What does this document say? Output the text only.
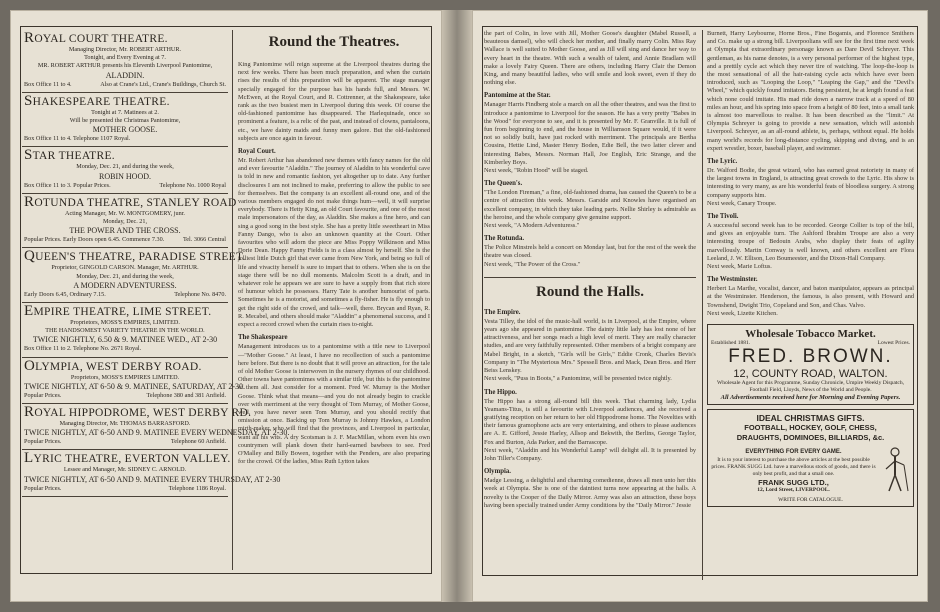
ROYAL COURT THEATRE.
Managing Director, Mr. ROBERT ARTHUR.
Tonight, and Every Evening at 7.
MR. ROBERT ARTHUR presents his Eleventh Liverpool Pantomime,
ALADDIN.
Box Office 11 to 4.	Also at Crane's Ltd., Crane's Buildings, Church St.
SHAKESPEARE THEATRE.
Tonight at 7. Matinees at 2.
Will be presented the Christmas Pantomime,
MOTHER GOOSE.
Box Office 11 to 4. Telephone 1107 Royal.
STAR THEATRE.
Monday, Dec. 21, and during the week,
ROBIN HOOD.
Box Office 11 to 3. Popular Prices.	Telephone No. 1000 Royal
ROTUNDA THEATRE, STANLEY ROAD
Acting Manager, Mr. W. MONTGOMERY, junr.
Monday, Dec. 21,
THE POWER AND THE CROSS.
Popular Prices. Early Doors open 6.45. Commence 7.30.	Tel. 3066 Central
QUEEN'S THEATRE, PARADISE STREET.
Proprietor, GINGOLD CARSON. Manager, Mr. ARTHUR.
Monday, Dec. 21, and during the week,
A MODERN ADVENTURESS.
Early Doors 6.45, Ordinary 7.15.	Telephone No. 8470.
EMPIRE THEATRE, LIME STREET.
Proprietors, MOSS'S EMPIRES, LIMITED.
THE HANDSOMEST VARIETY THEATRE IN THE WORLD.
TWICE NIGHTLY, 6.50 & 9. MATINEE WED., AT 2-30
Box Office 11 to 2. Telephone No. 2671 Royal.
OLYMPIA, WEST DERBY ROAD.
Proprietors, MOSS'S EMPIRES LIMITED.
TWICE NIGHTLY, AT 6-50 & 9. MATINEE, SATURDAY, AT 2-30.
Popular Prices.	Telephone 380 and 381 Anfield.
ROYAL HIPPODROME, WEST DERBY RD.
Managing Director, Mr. THOMAS BARRASFORD.
TWICE NIGHTLY, AT 6-50 AND 9. MATINEE EVERY WEDNESDAY, AT 2-30.
Popular Prices.	Telephone 60 Anfield.
LYRIC THEATRE, EVERTON VALLEY.
Lessee and Manager, Mr. SIDNEY C. ARNOLD.
TWICE NIGHTLY, AT 6-50 AND 9. MATINEE EVERY THURSDAY, AT 2-30
Popular Prices.	Telephone 1186 Royal.
Round the Theatres.

King Pantomime will reign supreme at the Liverpool theatres during the next few weeks. There has been much preparation, and when the curtain rises the results of this preparation will be apparent. The stage manager specially engaged for the purpose has his hands full, and Messrs. W. McEwen, at the Royal Court, and R. Cottrenner, at the Shakespeare, take rank as the two busiest men in Liverpool during this week. Of course the old-fashioned pantomime has disappeared. The Harlequinade, once so prominent a feature, is a relic of the past, and instead of clowns, pantaloons, etc., we have dainty maids and funny men galore. But the old-fashioned subjects are once again in favour.

Royal Court.

Mr. Robert Arthur has abandoned new themes with fancy names for the old and ever favourite "Aladdin." The journey of Aladdin to his wonderful cave is told in new and romantic fashion, yet altogether up to date. Any further disclosures I am not inclined to make, preferring to allow the public to see for themselves. But the company is an excellent all-round one, and of the various members engaged do not make things hum—well, it will surprise everybody. There is Hetty King, an old Court favourite, and one of the most male impersonators of the day, as Aladdin. She makes a fine hero, and can sing a good song in the best style. She has a pretty little sweetheart in Miss Fanny Dango, who is also an unknown quantity at the Court. Other favourites who will adorn the piece are Miss Poppy Wilkinson and Miss Dorie Dean. Happy Fanny Fields is in a class almost by herself. She is the jolliest little Dutch girl that ever came from New York, and being so full of life and vivacity herself is sure to impart that to others. When she is on the stage there will be no dull moments. Malcolm Scott is a draft, and in whatever role he appears we are sure to have a supply from that rich store of humour which he possesses. Harry Tate is another humourist of parts. Sometimes he is a motorist, and sometimes a fly-fisher. He is fly enough to get the right side of the crowd, and talk—well, there. Brycan and Ryan, R. R. Mecabel, and others should make "Aladdin" a phenomenal success, and I expect a record crowd when the curtain rises to-night.

The Shakespeare

Management introduces us to a pantomime with a title new to Liverpool—"Mother Goose." At least, I have no recollection of such a pantomime here before. But there is no doubt that it will prove an attraction, for the tale of old Mother Goose is interwoven in the nursery rhymes of our childhood. Other towns have pantomimes with a similar title, but this is the pantomime of them all. Just consider for a moment. Fred W. Murray is the Mother Goose. Think what that means—and you do not already begin to crackle over with merriment at the very thought of Tom Murray, of Mother Goose, well, you have never seen Tom Murray, and you should rectify that omission at once. Backing up Tom Murray is Johnny Hawkes, a London mirth-maker, who will find that the provinces, and Liverpool in particular, want all his wits. A dry Scotsman is J. F. MacMillan, whom even his own countrymen will plank down their hard-earned bawbees to see. Fred O'Malley and Billy Bowen, together with the Penders, are also preparing for the crowd. Of the ladies, Miss Ruth Lytton takes

the part of Colin, in love with Jill, Mother Goose's daughter (Mabel Russell, a beauteous damsel), who will check her mother, and finally marry Colin. Miss Ray Wallace is well suited to Mother Goose, and as Jill will sing and dance her way to every heart in the theatre. With such a wealth of talent, and Annie Bradlam will make a lovely Fairy Queen. There are others, including Harry Clair the Demon King, and many beautiful ladies, who will smile and look sweet, even if they do nothing else.

Pantomime at the Star.

Manager Harris Findberg stole a march on all the other theatres, and was the first to introduce a pantomime to Liverpool for the season. He has a very pretty "Babes in the Wood" for everyone to see, and it is presented by Mr. F. Granville. It is full of fun from beginning to end, and the house in Williamson Square would, if it were not so solidly built, have just rocked with merriment. The principals are Bertha Cousins, Hettie Lind, Master Henry Boden, Edie Bell, the two latter clever and interesting Babes, Messrs. Norman Hall, Joe English, Eric Strange, and the Kimberley Boys.

Next week, "Robin Hood" will be staged.

The Queen's.

"The London Fireman," a fine, old-fashioned drama, has caused the Queen's to be a centre of attraction this week. Messrs. Garside and Knowles have organised an excellent company, in which they take leading parts. Nellie Shirley is admirable as the heroine, and the whole company give genuine support.

Next week, "A Modern Adventuress."

The Rotunda.

The Police Minstrels held a concert on Monday last, but for the rest of the week the theatre was closed.

Next week, "The Power of the Cross."

Round the Halls.
The Empire.

Vesta Tilley, the idol of the music-hall world, is in Liverpool, at the Empire, where years ago she appeared in pantomime. The dainty little lady has lost none of her attractiveness, and her songs reach a high level of merit. They are really character studies, and are very faithfully represented. Other members of a bright company are Mabel Bright, in a sketch, "Girls will be Girls," Eddie Cronk, Charles Bevis's Company in "The Mysterious Mrs." Spessell Bros. and Mack, Dean Bros. and Herr Beiss Lenskey.

Next week, "Puss in Boots," a Pantomime, will be presented twice nightly.

The Hippo.

The Hippo has a strong all-round bill this week. That charming lady, Lydia Yeamans-Titus, is still a favourite with Liverpool audiences, and she received a gratifying reception on her return to her old Hippodrome home. The Novelties with their famous gramophone acts are very entertaining, and others to please audiences are A. E. Gifford, Jessie Harley, Allsop and Bekwith, the Berlins, George Taylor, Fox and Burton, Ada Parker, and the Barrascope.

Next week, "Aladdin and his Wonderful Lamp" will delight all. It is presented by John Tiller's Company.

Olympia.

Madge Lessing, a delightful and charming comedienne, draws all men unto her this week at Olympia. She is one of the daintiest turns now appearing at the halls. A novelty is the Cooper of the Daily Mirror. Army was also an attraction, these boys having been specially trained under Army conditions by the "Daily Mirror." Jessie

Burnett, Harry Leybourne, Horne Bros., Fine Bogamis, and Florence Smithers and Co. make up a strong bill. Liverpoolians will see for the first time next week at Olympia that extraordinary personage known as Dare Devil Schreyer. This gentleman, as his name denotes, is a very personal performer of the highest type, and a prettily cycle act which they never tire of watching. The loop-the-loop is the most sensational of all the hair-raising cycle acts which have ever been introduced, such as "Looping the Loop," "Leaping the Gap," and the "Devil's Wheel," which quickly found imitators. Being persistent, he at length found a feat which none could imitate. His mad ride down a narrow track at a speed of 80 miles an hour, and his spring into space from a height of 80 feet, into a small tank is almost too marvellous to realise. It has been described as the "limit." At Olympia Schreyer is going to provide a new sensation, which will astonish Liverpool. Schreyer, as an all-round athlete, is, perhaps, without equal. He holds many world's records for long-distance cycling, skipping and diving, and is an expert wrestler, boxer, baseball player, and swimmer.

The Lyric.

Dr. Walford Bodie, the great wizard, who has earned great notoriety in many of the largest towns in England, is attracting great crowds to the Lyric. His show is interesting to very many, as are his wonderful feats of bloodless surgery. A strong company supports him.

Next week, Canary Troupe.

The Tivoli.

A successful second week has to be recorded. George Collier is top of the bill, and gives an enjoyable turn. The Ashford Ibrahim Troupe are also a very interesting troupe of Bedouin Arabs, who display their feats of agility marvellously. Martin Conway is well known, and others excellent are Flora Leeland, J. W. Ellison, Leo Boumeester, and the Dixon-Hall Company.

Next week, Marie Loftus.

The Westminster.

Herbert La Marthe, vocalist, dancer, and baton manipulator, appears as principal at the Westminster. Henderson, the famous, is also present, with Howard and Townshend, Dwight Trio, Copeland and Son, and Chas. Valvo.

Next week, Lizette Kitchen.

Wholesale Tobacco Market.
Established 1881.	Lowest Prices.
FRED. BROWN.
12, COUNTY ROAD, WALTON.
Wholesale Agent for this Programme, Sunday Chronicle, Umpire Weekly Dispatch, Football Field, Lloyds, News of the World and People.
All Advertisements received here for Morning and Evening Papers.
IDEAL CHRISTMAS GIFTS.
FOOTBALL, HOCKEY, GOLF, CHESS,
DRAUGHTS, DOMINOES, BILLIARDS, &c.
EVERYTHING FOR EVERY GAME.
It is to your interest to purchase the above articles at the best possible prices. FRANK SUGG Ltd. have a marvellous stock of goods, and there is only best profit, and that a small one.
FRANK SUGG LTD.,
12, Lord Street, LIVERPOOL.
WRITE FOR CATALOGUE.
